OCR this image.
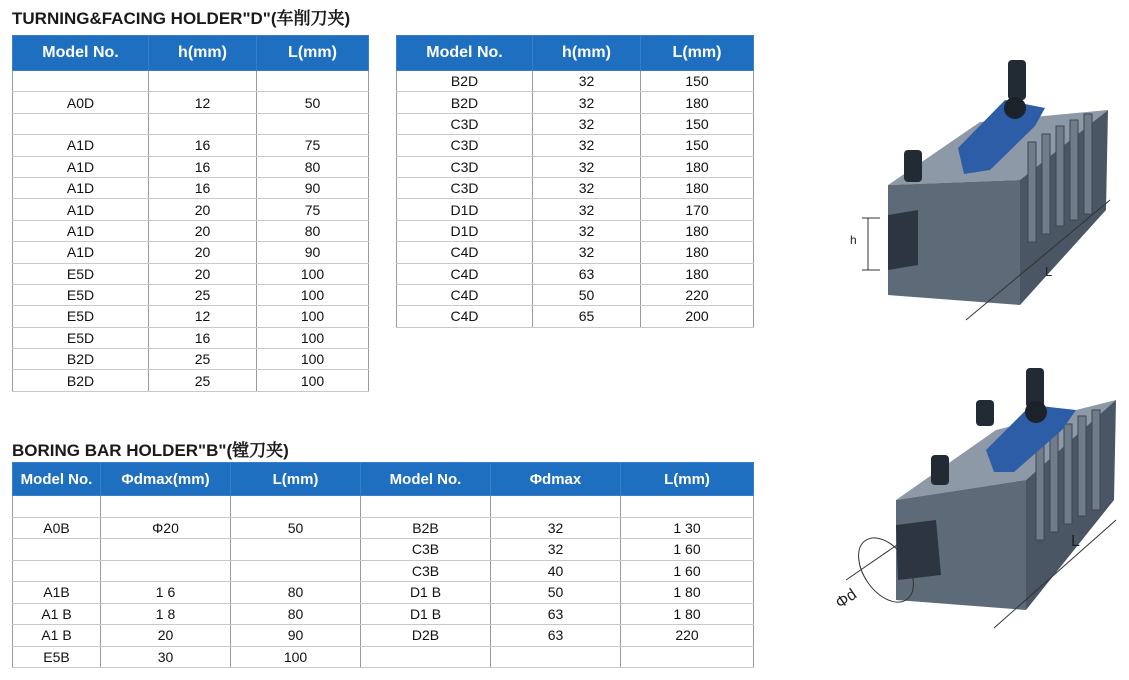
TURNING&FACING HOLDER"D"(车削刀夹)
Model No.	h(mm)	L(mm)

A0D	12	50

A1D	16	75
A1D	16	80
A1D	16	90
A1D	20	75
A1D	20	80
A1D	20	90
E5D	20	100
E5D	25	100
E5D	12	100
E5D	16	100
B2D	25	100
B2D	25	100
Model No.	h(mm)	L(mm)
B2D	32	150
B2D	32	180
C3D	32	150
C3D	32	150
C3D	32	180
C3D	32	180
D1D	32	170
D1D	32	180
C4D	32	180
C4D	63	180
C4D	50	220
C4D	65	200
BORING BAR HOLDER"B"(镗刀夹)
Model No.	Φdmax(mm)	L(mm)	Model No.	Φdmax	L(mm)

A0B	Φ20	50	B2B	32	1 30
			C3B	32	1 60
			C3B	40	1 60
A1B	1 6	80	D1 B	50	1 80
A1 B	1 8	80	D1 B	63	1 80
A1 B	20	90	D2B	63	220
E5B	30	100			
h
L
Φd
L
